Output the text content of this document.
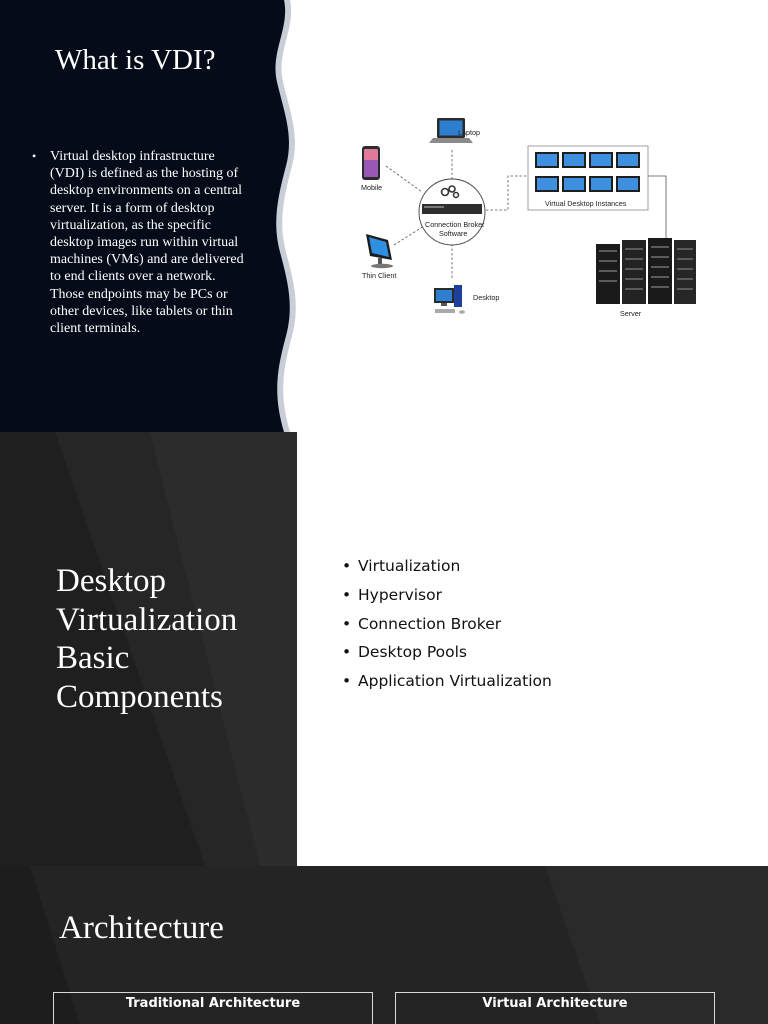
What is VDI?
• Virtual desktop infrastructure (VDI) is defined as the hosting of desktop environments on a central server. It is a form of desktop virtualization, as the specific desktop images run within virtual machines (VMs) and are delivered to end clients over a network. Those endpoints may be PCs or other devices, like tablets or thin client terminals.
Laptop
Mobile
Connection Broker
Software
Thin Client
Desktop
Virtual Desktop Instances
Server
Desktop Virtualization Basic Components
• Virtualization
• Hypervisor
• Connection Broker
• Desktop Pools
• Application Virtualization
Architecture
Traditional Architecture	Virtual Architecture
